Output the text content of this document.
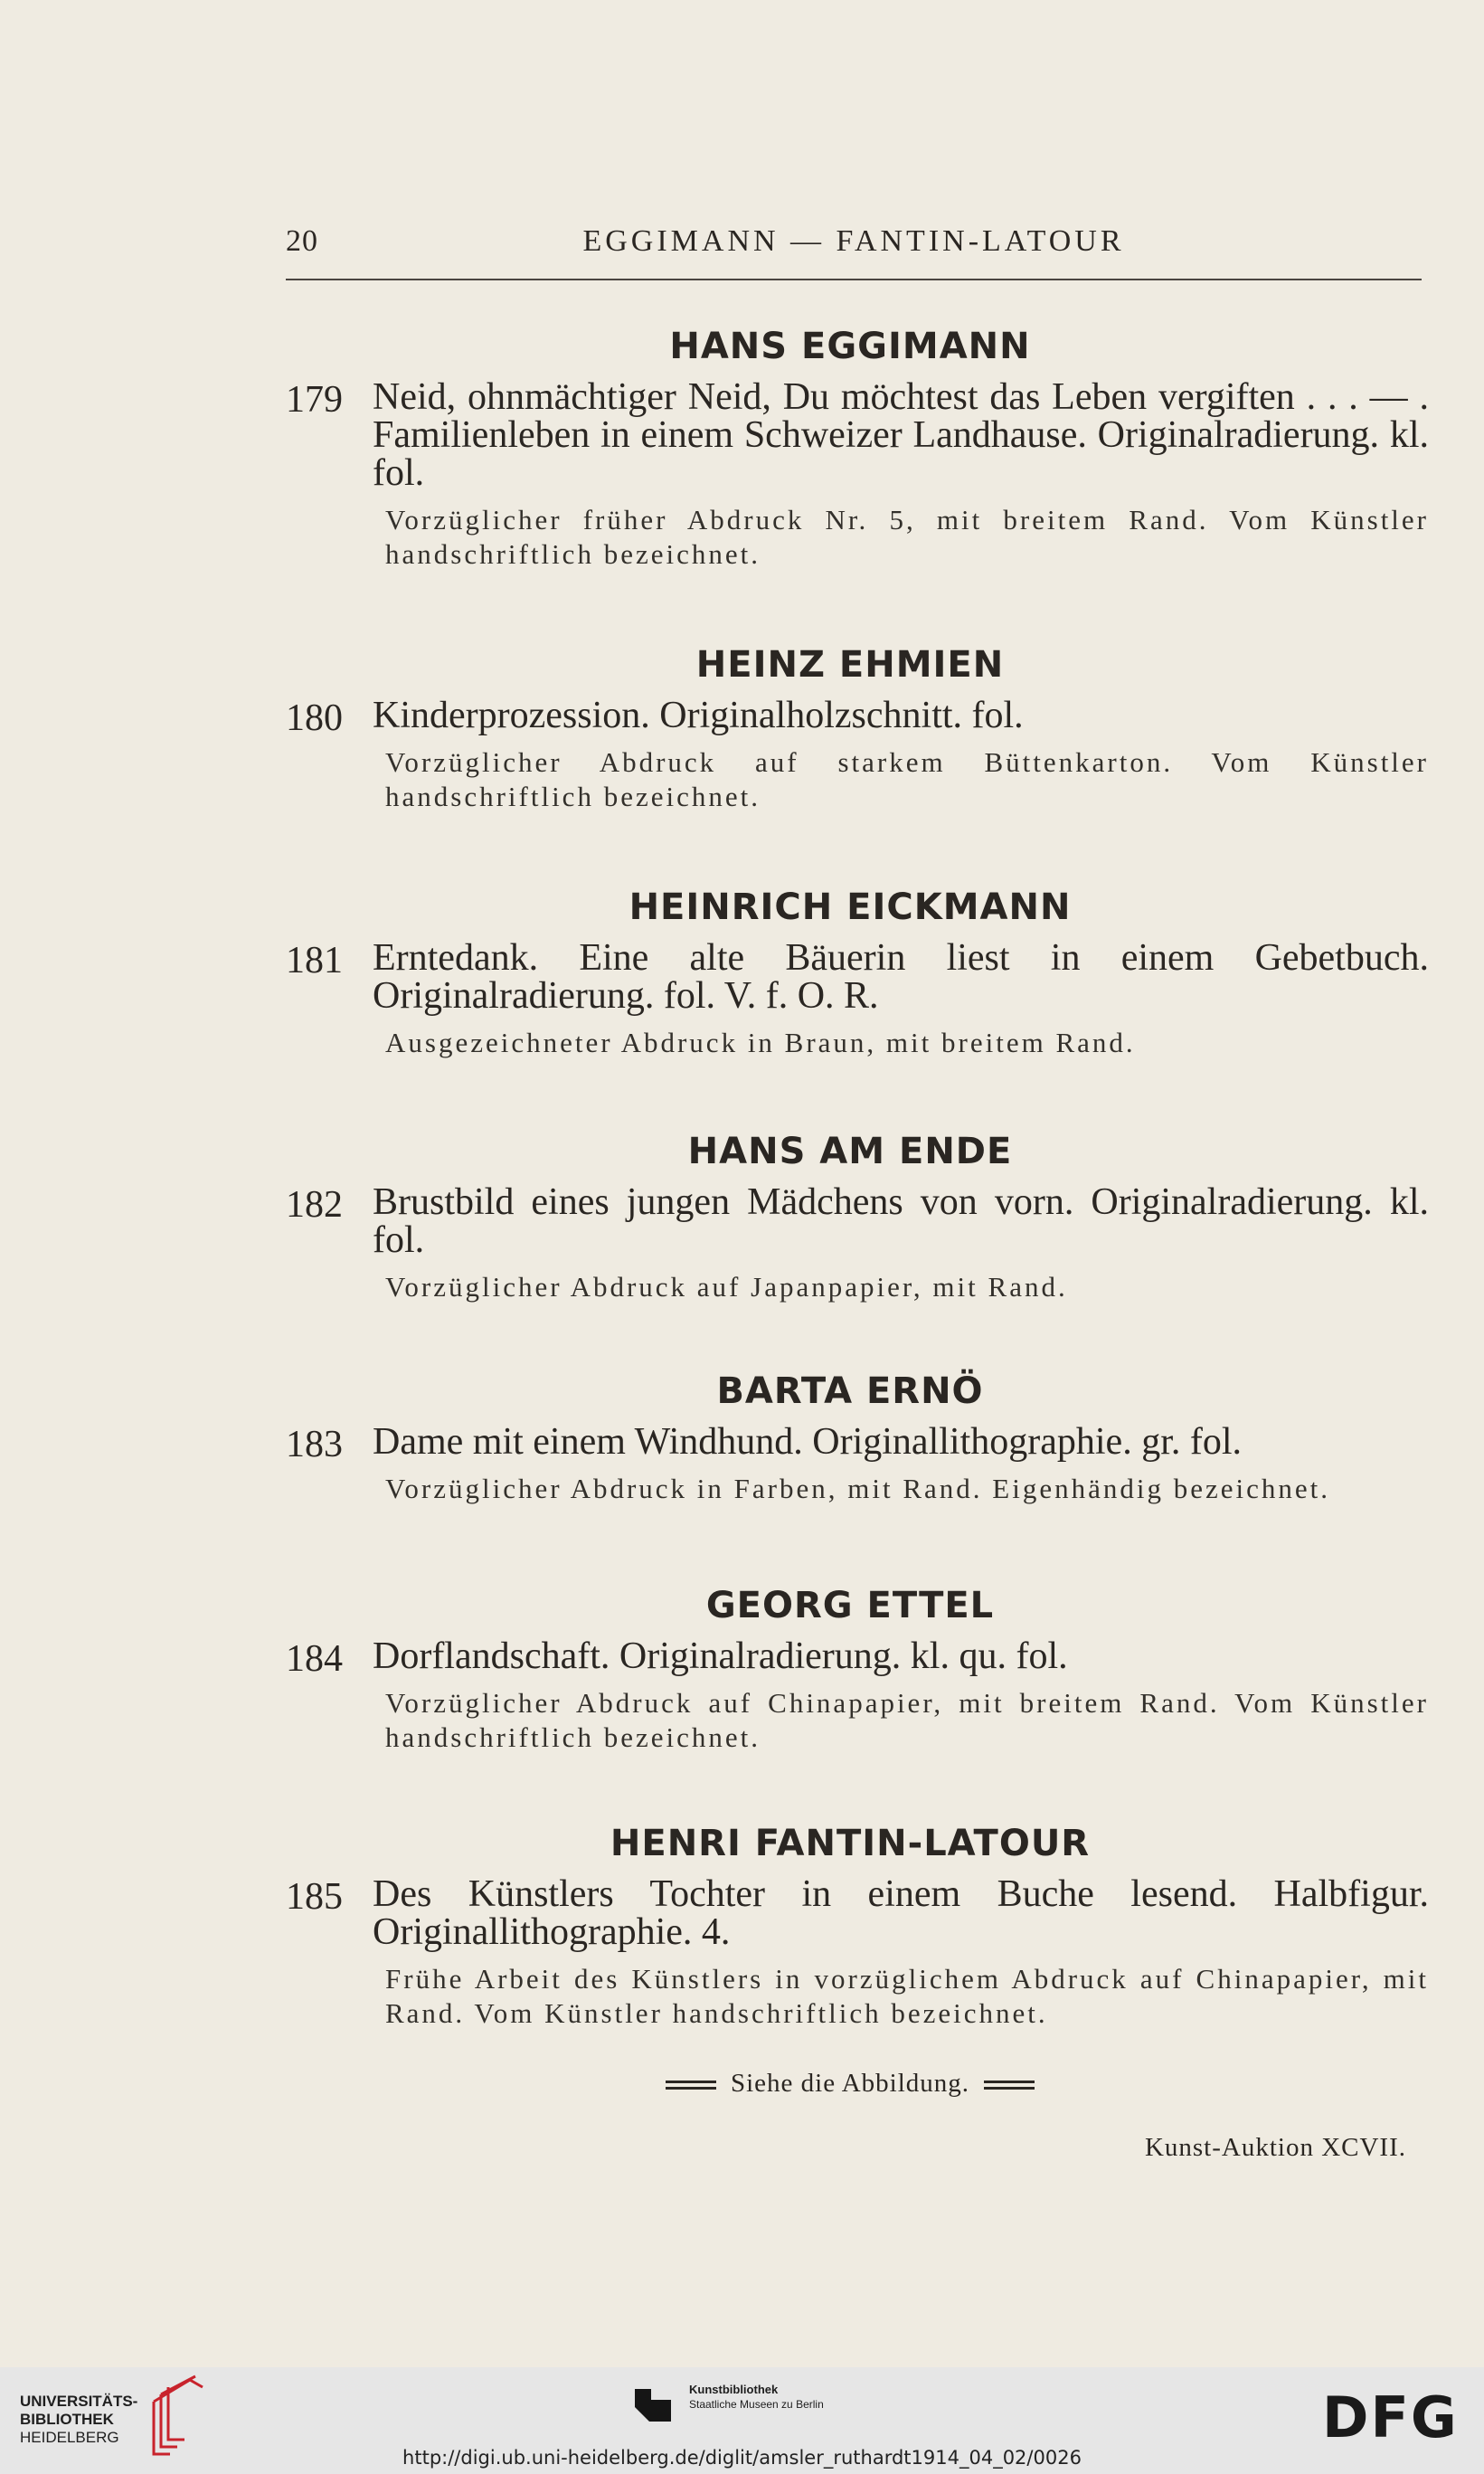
20	EGGIMANN — FANTIN-LATOUR
HANS EGGIMANN
179 Neid, ohnmächtiger Neid, Du möchtest das Leben vergiften . . . — . Familienleben in einem Schweizer Landhause. Originalradierung. kl. fol.
Vorzüglicher früher Abdruck Nr. 5, mit breitem Rand. Vom Künstler handschriftlich bezeichnet.
HEINZ EHMIEN
180 Kinderprozession. Originalholzschnitt. fol.
Vorzüglicher Abdruck auf starkem Büttenkarton. Vom Künstler handschriftlich bezeichnet.
HEINRICH EICKMANN
181 Erntedank. Eine alte Bäuerin liest in einem Gebetbuch. Originalradierung. fol. V. f. O. R.
Ausgezeichneter Abdruck in Braun, mit breitem Rand.
HANS AM ENDE
182 Brustbild eines jungen Mädchens von vorn. Originalradierung. kl. fol.
Vorzüglicher Abdruck auf Japanpapier, mit Rand.
BARTA ERNÖ
183 Dame mit einem Windhund. Originallithographie. gr. fol.
Vorzüglicher Abdruck in Farben, mit Rand. Eigenhändig bezeichnet.
GEORG ETTEL
184 Dorflandschaft. Originalradierung. kl. qu. fol.
Vorzüglicher Abdruck auf Chinapapier, mit breitem Rand. Vom Künstler handschriftlich bezeichnet.
HENRI FANTIN-LATOUR
185 Des Künstlers Tochter in einem Buche lesend. Halbfigur. Originallithographie. 4.
Frühe Arbeit des Künstlers in vorzüglichem Abdruck auf Chinapapier, mit Rand. Vom Künstler handschriftlich bezeichnet.
Siehe die Abbildung.
Kunst-Auktion XCVII.
UNIVERSITÄTS-
BIBLIOTHEK
HEIDELBERG
Kunstbibliothek
Staatliche Museen zu Berlin	DFG
http://digi.ub.uni-heidelberg.de/diglit/amsler_ruthardt1914_04_02/0026
